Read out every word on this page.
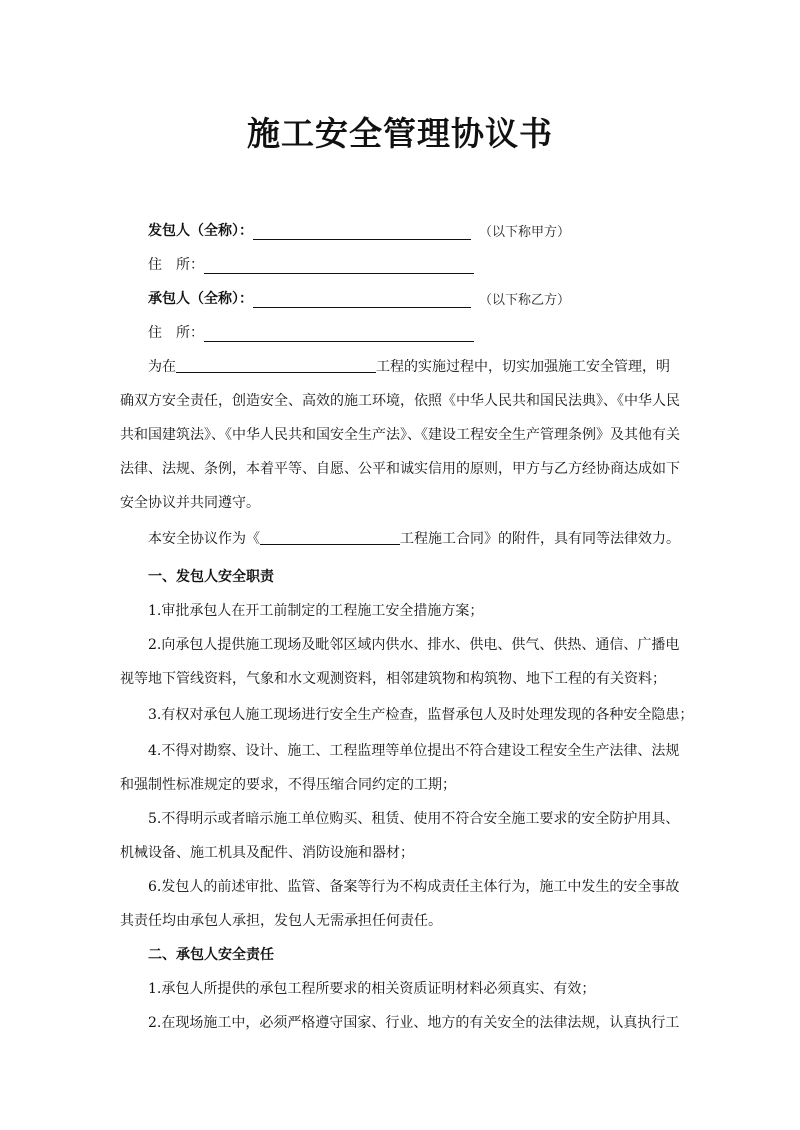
施工安全管理协议书
发包人（全称）：	（以下称甲方）
住　所：
承包人（全称）：	（以下称乙方）
住　所：
为在	工程的实施过程中，切实加强施工安全管理，明
确双方安全责任，创造安全、高效的施工环境，依照《中华人民共和国民法典》、《中华人民
共和国建筑法》、《中华人民共和国安全生产法》、《建设工程安全生产管理条例》及其他有关
法律、法规、条例，本着平等、自愿、公平和诚实信用的原则，甲方与乙方经协商达成如下
安全协议并共同遵守。
本安全协议作为《	工程施工合同》的附件，具有同等法律效力。
一、发包人安全职责
1.审批承包人在开工前制定的工程施工安全措施方案；
2.向承包人提供施工现场及毗邻区域内供水、排水、供电、供气、供热、通信、广播电
视等地下管线资料，气象和水文观测资料，相邻建筑物和构筑物、地下工程的有关资料；
3.有权对承包人施工现场进行安全生产检查，监督承包人及时处理发现的各种安全隐患；
4.不得对勘察、设计、施工、工程监理等单位提出不符合建设工程安全生产法律、法规
和强制性标准规定的要求，不得压缩合同约定的工期；
5.不得明示或者暗示施工单位购买、租赁、使用不符合安全施工要求的安全防护用具、
机械设备、施工机具及配件、消防设施和器材；
6.发包人的前述审批、监管、备案等行为不构成责任主体行为，施工中发生的安全事故
其责任均由承包人承担，发包人无需承担任何责任。
二、承包人安全责任
1.承包人所提供的承包工程所要求的相关资质证明材料必须真实、有效；
2.在现场施工中，必须严格遵守国家、行业、地方的有关安全的法律法规，认真执行工
